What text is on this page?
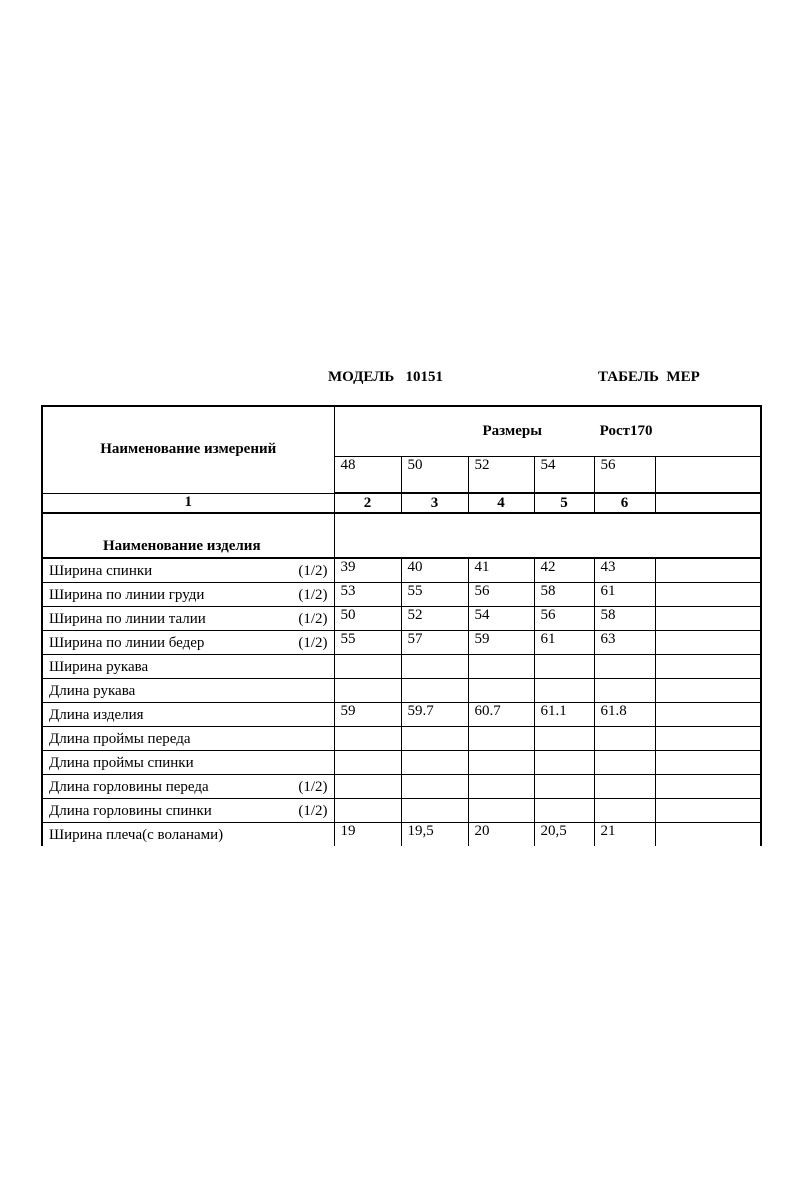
МОДЕЛЬ   10151	ТАБЕЛЬ  МЕР
Наименование измерений	Размеры Рост170					
	48	50	52	54	56	
1	2	3	4	5	6	
Наименование изделия						

Ширина спинки (1/2)	39	40	41	42	43	

Ширина по линии груди (1/2)	53	55	56	58	61	

Ширина по линии талии (1/2)	50	52	54	56	58	

Ширина по линии бедер (1/2)	55	57	59	61	63	

Ширина рукава						

Длина рукава						

Длина изделия	59	59.7	60.7	61.1	61.8	

Длина проймы переда						

Длина проймы спинки						

Длина горловины переда (1/2)						

Длина горловины спинки (1/2)						

Ширина плеча(с воланами)	19	19,5	20	20,5	21	
